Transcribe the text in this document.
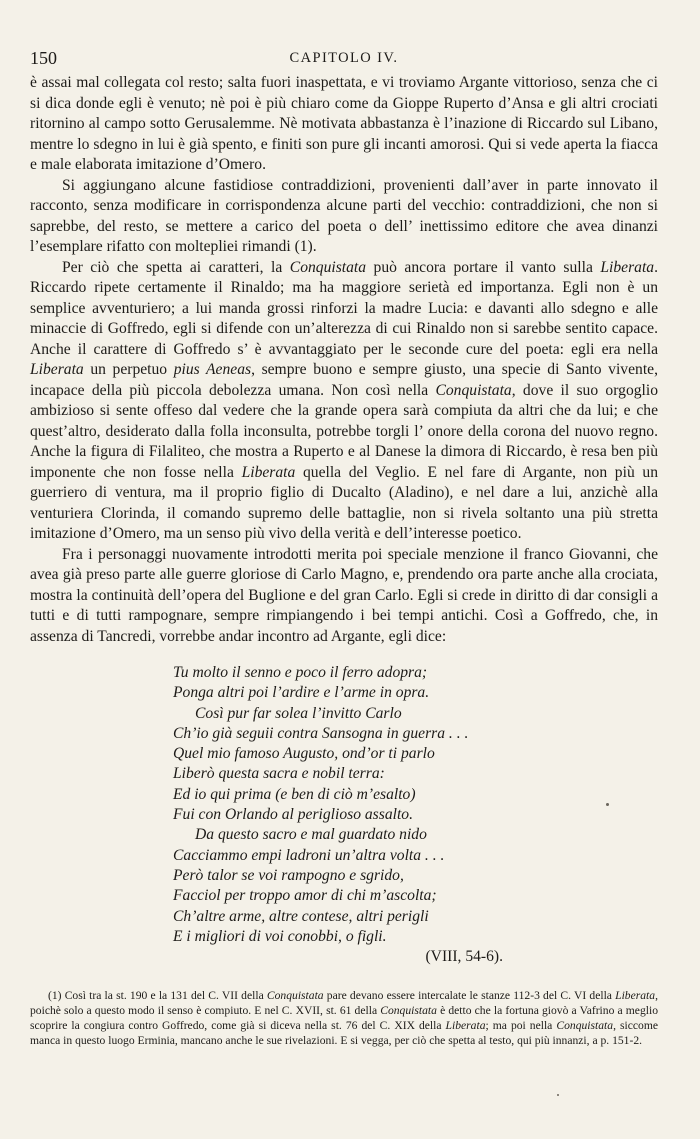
150	CAPITOLO IV.

è assai mal collegata col resto; salta fuori inaspettata, e vi troviamo Argante vittorioso, senza che ci si dica donde egli è venuto; nè poi è più chiaro come da Gioppe Ruperto d’Ansa e gli altri crociati ritornino al campo sotto Gerusalemme. Nè motivata abbastanza è l’inazione di Riccardo sul Libano, mentre lo sdegno in lui è già spento, e finiti son pure gli incanti amorosi. Qui si vede aperta la fiacca e male elaborata imitazione d’Omero.

Si aggiungano alcune fastidiose contraddizioni, provenienti dall’aver in parte innovato il racconto, senza modificare in corrispondenza alcune parti del vecchio: contraddizioni, che non si saprebbe, del resto, se mettere a carico del poeta o dell’ inettissimo editore che avea dinanzi l’esemplare rifatto con moltepliei rimandi (1).

Per ciò che spetta ai caratteri, la Conquistata può ancora portare il vanto sulla Liberata. Riccardo ripete certamente il Rinaldo; ma ha maggiore serietà ed importanza. Egli non è un semplice avventuriero; a lui manda grossi rinforzi la madre Lucia: e davanti allo sdegno e alle minaccie di Goffredo, egli si difende con un’alterezza di cui Rinaldo non si sarebbe sentito capace. Anche il carattere di Goffredo s’ è avvantaggiato per le seconde cure del poeta: egli era nella Liberata un perpetuo pius Aeneas, sempre buono e sempre giusto, una specie di Santo vivente, incapace della più piccola debolezza umana. Non così nella Conquistata, dove il suo orgoglio ambizioso si sente offeso dal vedere che la grande opera sarà compiuta da altri che da lui; e che quest’altro, desiderato dalla folla inconsulta, potrebbe torgli l’ onore della corona del nuovo regno. Anche la figura di Filaliteo, che mostra a Ruperto e al Danese la dimora di Riccardo, è resa ben più imponente che non fosse nella Liberata quella del Veglio. E nel fare di Argante, non più un guerriero di ventura, ma il proprio figlio di Ducalto (Aladino), e nel dare a lui, anzichè alla venturiera Clorinda, il comando supremo delle battaglie, non si rivela soltanto una più stretta imitazione d’Omero, ma un senso più vivo della verità e dell’interesse poetico.

Fra i personaggi nuovamente introdotti merita poi speciale menzione il franco Giovanni, che avea già preso parte alle guerre gloriose di Carlo Magno, e, prendendo ora parte anche alla crociata, mostra la continuità dell’opera del Buglione e del gran Carlo. Egli si crede in diritto di dar consigli a tutti e di tutti rampognare, sempre rimpiangendo i bei tempi antichi. Così a Goffredo, che, in assenza di Tancredi, vorrebbe andar incontro ad Argante, egli dice:

Tu molto il senno e poco il ferro adopra;
Ponga altri poi l’ardire e l’arme in opra.
Così pur far solea l’invitto Carlo
Ch’io già seguii contra Sansogna in guerra . . .
Quel mio famoso Augusto, ond’or ti parlo
Liberò questa sacra e nobil terra:
Ed io qui prima (e ben di ciò m’esalto)
Fui con Orlando al periglioso assalto.
Da questo sacro e mal guardato nido
Cacciammo empi ladroni un’altra volta . . .
Però talor se voi rampogno e sgrido,
Facciol per troppo amor di chi m’ascolta;
Ch’altre arme, altre contese, altri perigli
E i migliori di voi conobbi, o figli.
(VIII, 54-6).

(1) Così tra la st. 190 e la 131 del C. VII della Conquistata pare devano essere intercalate le stanze 112-3 del C. VI della Liberata, poichè solo a questo modo il senso è compiuto. E nel C. XVII, st. 61 della Conquistata è detto che la fortuna giovò a Vafrino a meglio scoprire la congiura contro Goffredo, come già si diceva nella st. 76 del C. XIX della Liberata; ma poi nella Conquistata, siccome manca in questo luogo Erminia, mancano anche le sue rivelazioni. E si vegga, per ciò che spetta al testo, qui più innanzi, a p. 151-2.
